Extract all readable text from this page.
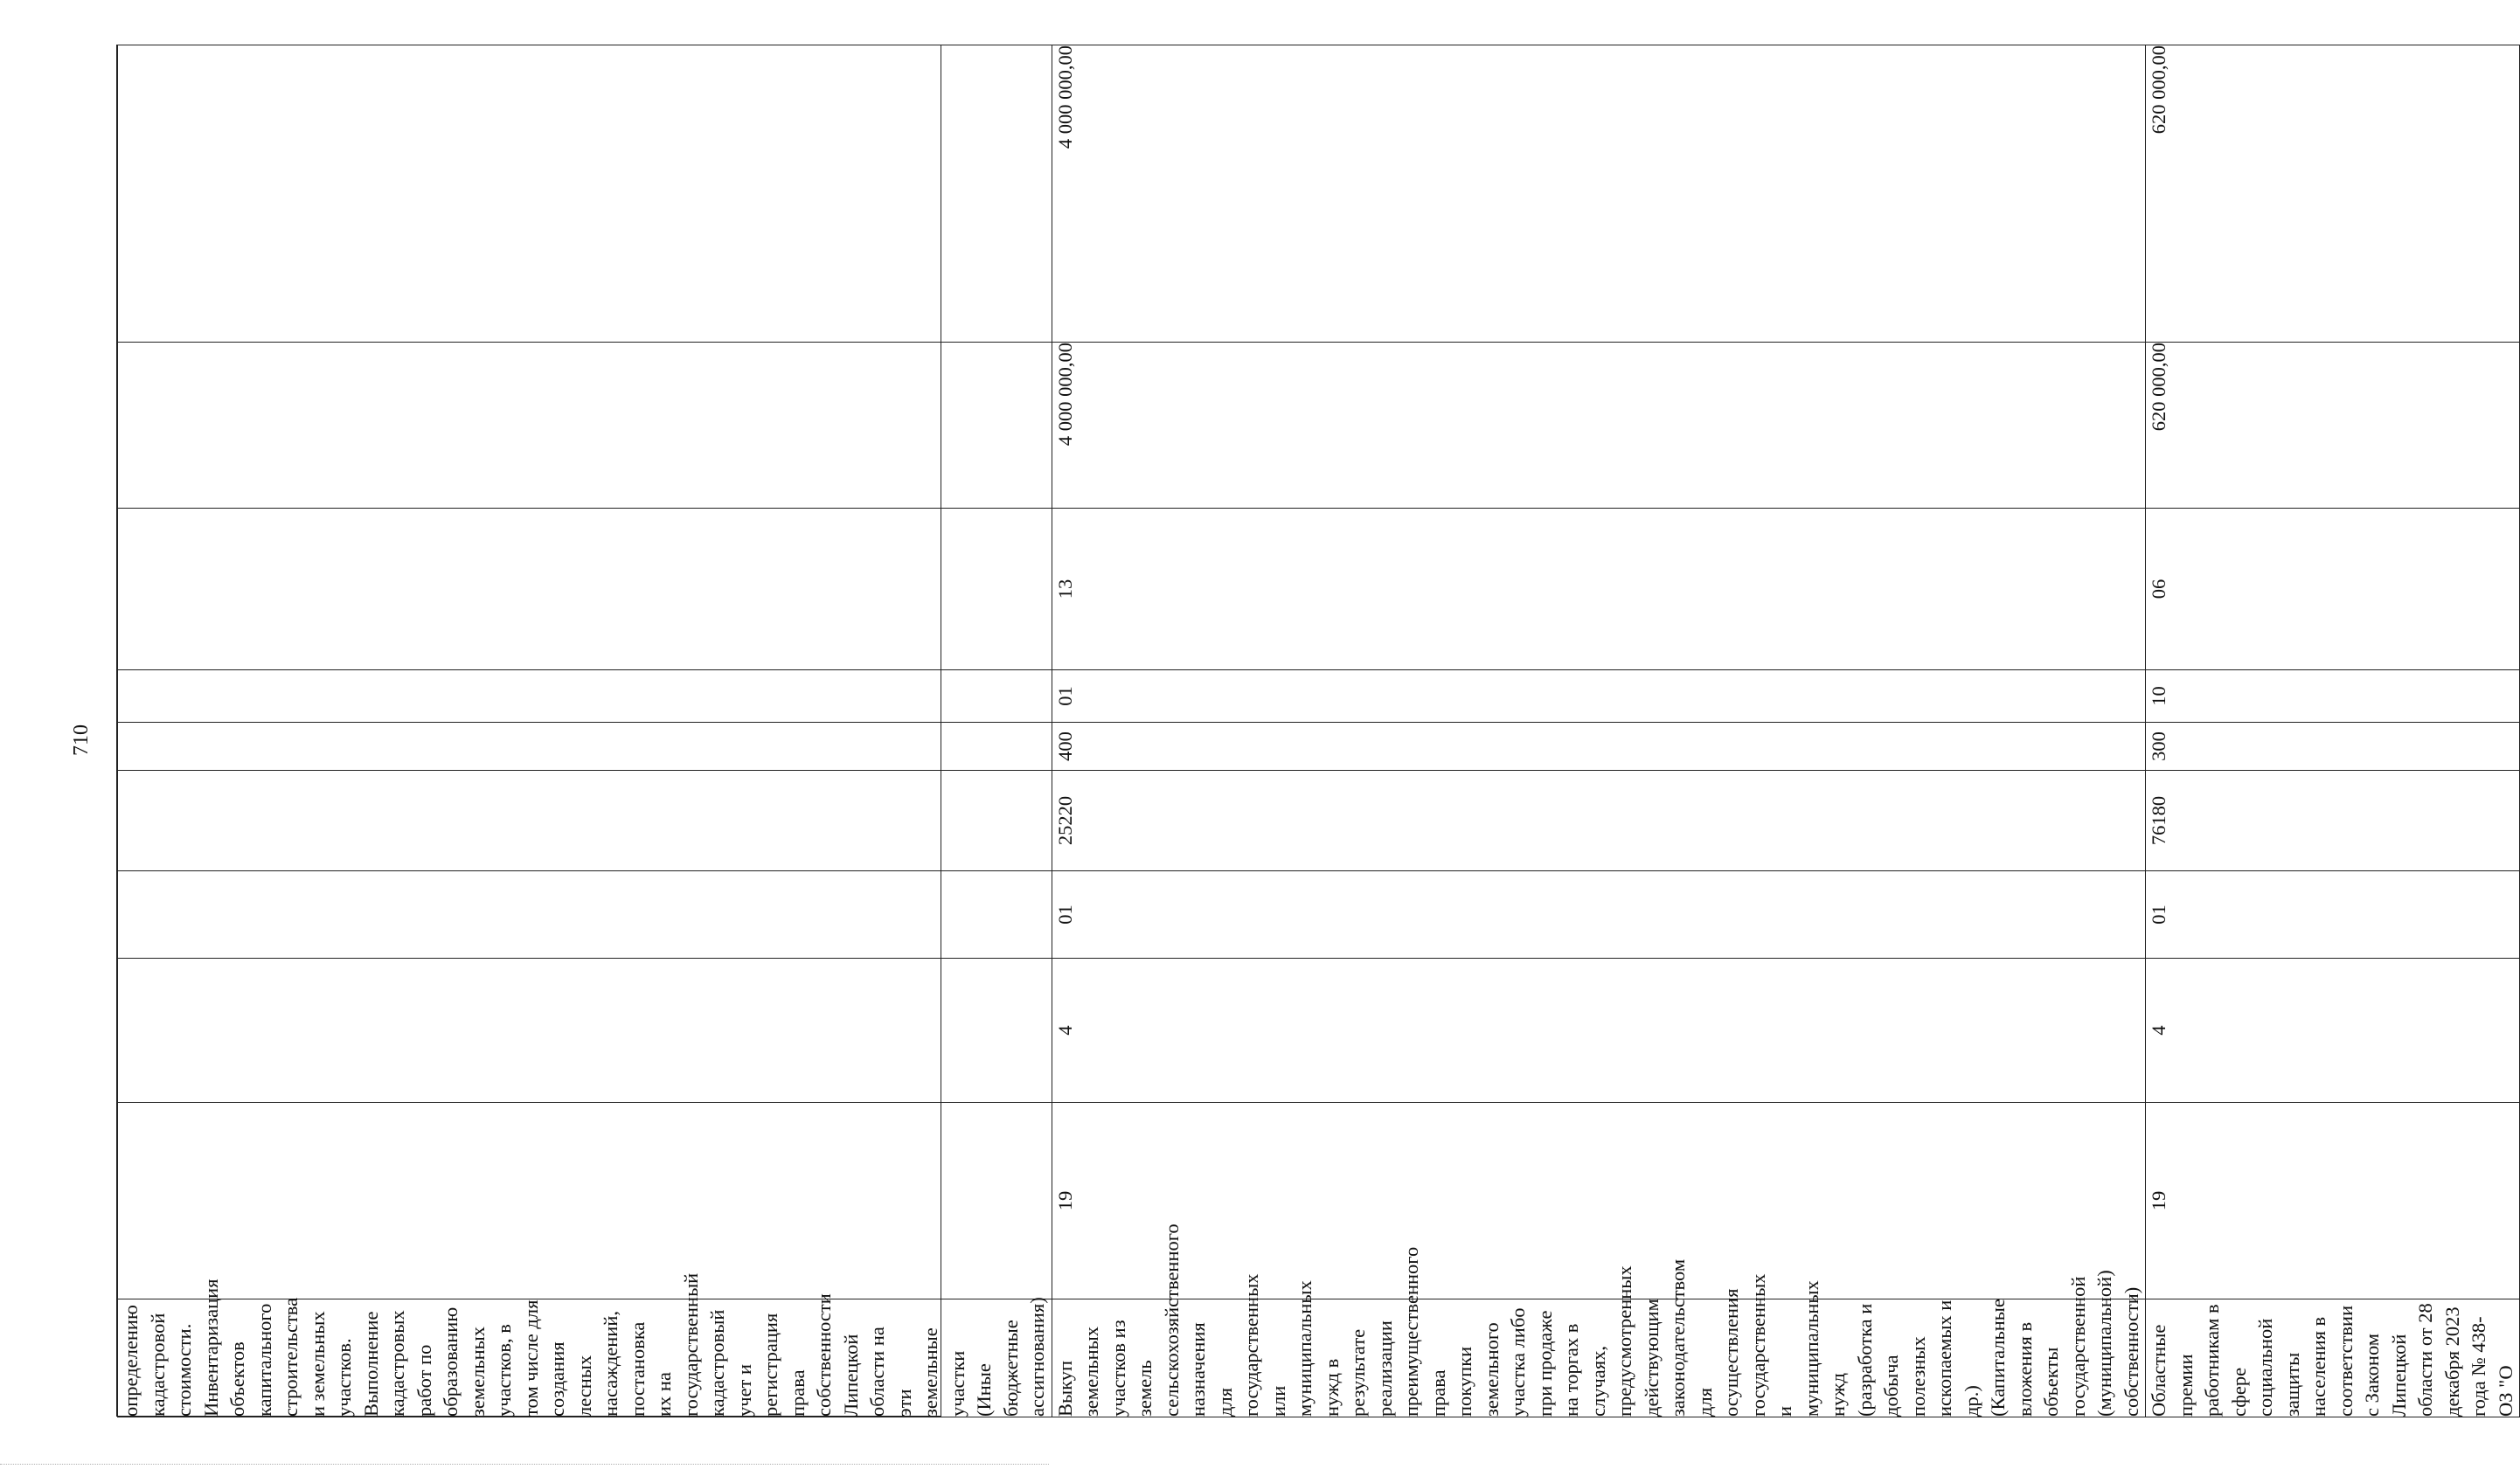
710
определению кадастровой стоимости. Инвентаризация объектов капитального строительства и земельных участков. Выполнение кадастровых работ по образованию земельных участков, в том числе для создания лесных насаждений, постановка их на государственный кадастровый учет и регистрация права собственности Липецкой области на эти земельные участки (Иные бюджетные ассигнования)										
Выкуп земельных участков из земель сельскохозяйственного назначения для государственных или муниципальных нужд в результате реализации преимущественного права покупки земельного участка либо при продаже на торгах в случаях, предусмотренных действующим законодательством для осуществления государственных и муниципальных нужд (разработка и добыча полезных ископаемых и др.) (Капитальные вложения в объекты государственной (муниципальной) собственности)	19	4	01	25220	400	01	13	4 000 000,00	4 000 000,00	
Областные премии работникам в сфере социальной защиты населения в соответствии с Законом Липецкой области от 28 декабря 2023 года № 438-ОЗ "О	19	4	01	76180	300	10	06	620 000,00	620 000,00	
